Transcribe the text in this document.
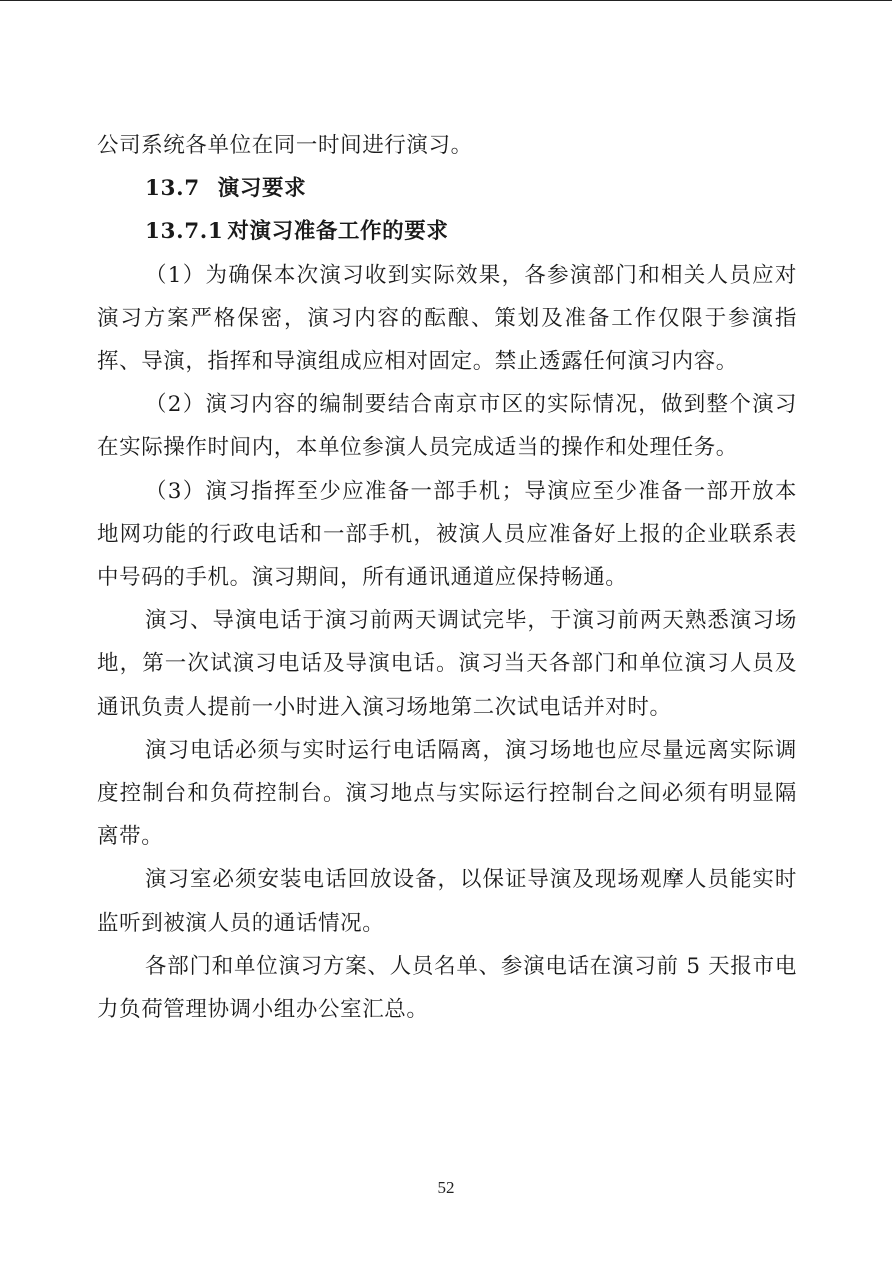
公司系统各单位在同一时间进行演习。

13.7 演习要求

13.7.1 对演习准备工作的要求

（1）为确保本次演习收到实际效果，各参演部门和相关人员应对演习方案严格保密，演习内容的酝酿、策划及准备工作仅限于参演指挥、导演，指挥和导演组成应相对固定。禁止透露任何演习内容。

（2）演习内容的编制要结合南京市区的实际情况，做到整个演习在实际操作时间内，本单位参演人员完成适当的操作和处理任务。

（3）演习指挥至少应准备一部手机；导演应至少准备一部开放本地网功能的行政电话和一部手机，被演人员应准备好上报的企业联系表中号码的手机。演习期间，所有通讯通道应保持畅通。

演习、导演电话于演习前两天调试完毕，于演习前两天熟悉演习场地，第一次试演习电话及导演电话。演习当天各部门和单位演习人员及通讯负责人提前一小时进入演习场地第二次试电话并对时。

演习电话必须与实时运行电话隔离，演习场地也应尽量远离实际调度控制台和负荷控制台。演习地点与实际运行控制台之间必须有明显隔离带。

演习室必须安装电话回放设备，以保证导演及现场观摩人员能实时监听到被演人员的通话情况。

各部门和单位演习方案、人员名单、参演电话在演习前 5 天报市电力负荷管理协调小组办公室汇总。

52
